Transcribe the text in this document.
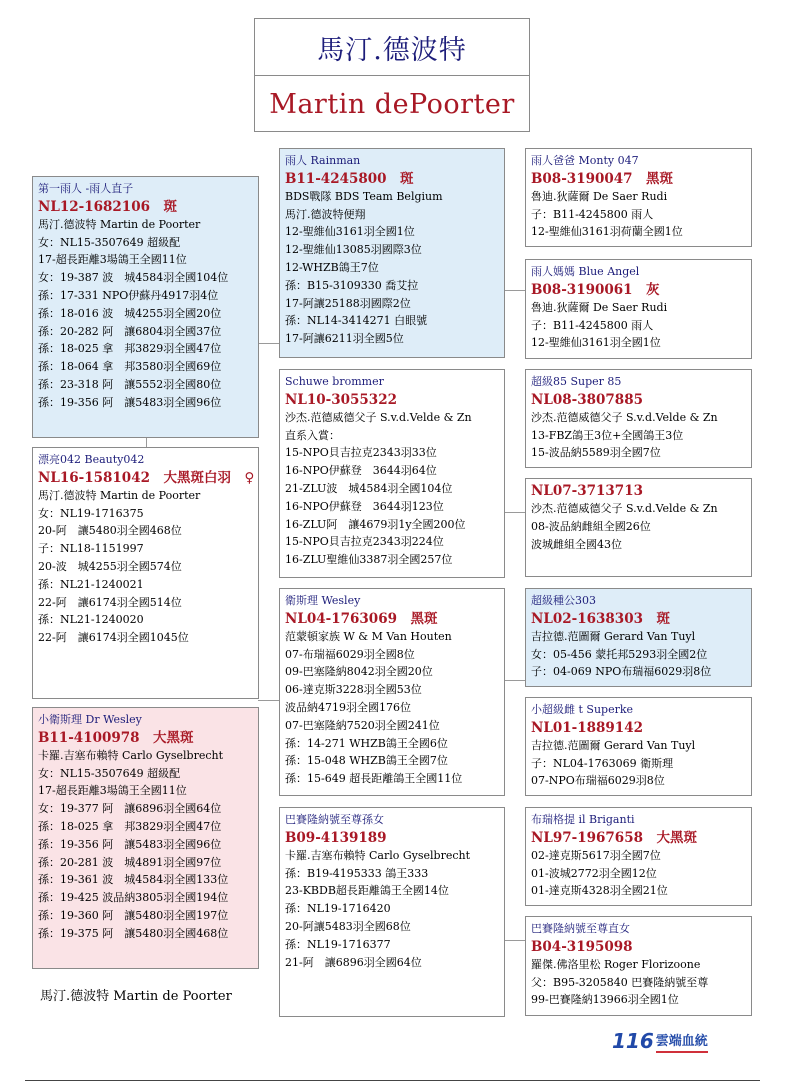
馬汀.德波特
Martin dePoorter
第一雨人 -雨人直子
NL12-1682106　斑
馬汀.德波特 Martin de Poorter
女：NL15-3507649 超級配
17-超長距離3場鴿王全國11位
女：19-387 波　城4584羽全國104位
孫：17-331 NPO伊蘇丹4917羽4位
孫：18-016 波　城4255羽全國20位
孫：20-282 阿　讓6804羽全國37位
孫：18-025 拿　邦3829羽全國47位
孫：18-064 拿　邦3580羽全國69位
孫：23-318 阿　讓5552羽全國80位
孫：19-356 阿　讓5483羽全國96位
漂亮042 Beauty042
NL16-1581042　大黑斑白羽　♀
馬汀.德波特 Martin de Poorter
女：NL19-1716375
20-阿　讓5480羽全國468位
子：NL18-1151997
20-波　城4255羽全國574位
孫：NL21-1240021
22-阿　讓6174羽全國514位
孫：NL21-1240020
22-阿　讓6174羽全國1045位
小衛斯理 Dr Wesley
B11-4100978　大黑斑
卡羅.吉塞布賴特 Carlo Gyselbrecht
女：NL15-3507649 超級配
17-超長距離3場鴿王全國11位
女：19-377 阿　讓6896羽全國64位
孫：18-025 拿　邦3829羽全國47位
孫：19-356 阿　讓5483羽全國96位
孫：20-281 波　城4891羽全國97位
孫：19-361 波　城4584羽全國133位
孫：19-425 波品納3805羽全國194位
孫：19-360 阿　讓5480羽全國197位
孫：19-375 阿　讓5480羽全國468位
雨人 Rainman
B11-4245800　斑
BDS戰隊 BDS Team Belgium
馬汀.德波特便翔
12-聖維仙3161羽全國1位
12-聖維仙13085羽國際3位
12-WHZB鴿王7位
孫：B15-3109330 喬艾拉
17-阿讓25188羽國際2位
孫：NL14-3414271 白眼號
17-阿讓6211羽全國5位
Schuwe brommer
NL10-3055322
沙杰.范德威德父子 S.v.d.Velde & Zn
直系入賞：
15-NPO貝吉拉克2343羽33位
16-NPO伊蘇登　3644羽64位
21-ZLU波　城4584羽全國104位
16-NPO伊蘇登　3644羽123位
16-ZLU阿　讓4679羽1y全國200位
15-NPO貝吉拉克2343羽224位
16-ZLU聖維仙3387羽全國257位
衛斯理 Wesley
NL04-1763069　黑斑
范蒙頓家族 W & M Van Houten
07-布瑞福6029羽全國8位
09-巴塞隆納8042羽全國20位
06-達克斯3228羽全國53位
波品納4719羽全國176位
07-巴塞隆納7520羽全國241位
孫：14-271 WHZB鴿王全國6位
孫：15-048 WHZB鴿王全國7位
孫：15-649 超長距離鴿王全國11位
巴賽隆納號至尊孫女
B09-4139189
卡羅.吉塞布賴特 Carlo Gyselbrecht
孫：B19-4195333 鴿王333
23-KBDB超長距離鴿王全國14位
孫：NL19-1716420
20-阿讓5483羽全國68位
孫：NL19-1716377
21-阿　讓6896羽全國64位
雨人爸爸 Monty 047
B08-3190047　黑斑
魯迪.狄薩爾 De Saer Rudi
子：B11-4245800 雨人
12-聖維仙3161羽荷蘭全國1位
雨人媽媽 Blue Angel
B08-3190061　灰
魯迪.狄薩爾 De Saer Rudi
子：B11-4245800 雨人
12-聖維仙3161羽全國1位
超級85 Super 85
NL08-3807885
沙杰.范德威德父子 S.v.d.Velde & Zn
13-FBZ鴿王3位+全國鴿王3位
15-波品納5589羽全國7位
NL07-3713713
沙杰.范德威德父子 S.v.d.Velde & Zn
08-波品納雌組全國26位
波城雌組全國43位
超級種公303
NL02-1638303　斑
吉拉德.范圖爾 Gerard Van Tuyl
女：05-456 蒙托邦5293羽全國2位
子：04-069 NPO布瑞福6029羽8位
小超級雌 t Superke
NL01-1889142
吉拉德.范圖爾 Gerard Van Tuyl
子：NL04-1763069 衛斯理
07-NPO布瑞福6029羽8位
布瑞格提 il Briganti
NL97-1967658　大黑斑
02-達克斯5617羽全國7位
01-波城2772羽全國12位
01-達克斯4328羽全國21位
巴賽隆納號至尊直女
B04-3195098
羅傑.佛洛里松 Roger Florizoone
父：B95-3205840 巴賽隆納號至尊
99-巴賽隆納13966羽全國1位
馬汀.德波特 Martin de Poorter
116 雲端血統
